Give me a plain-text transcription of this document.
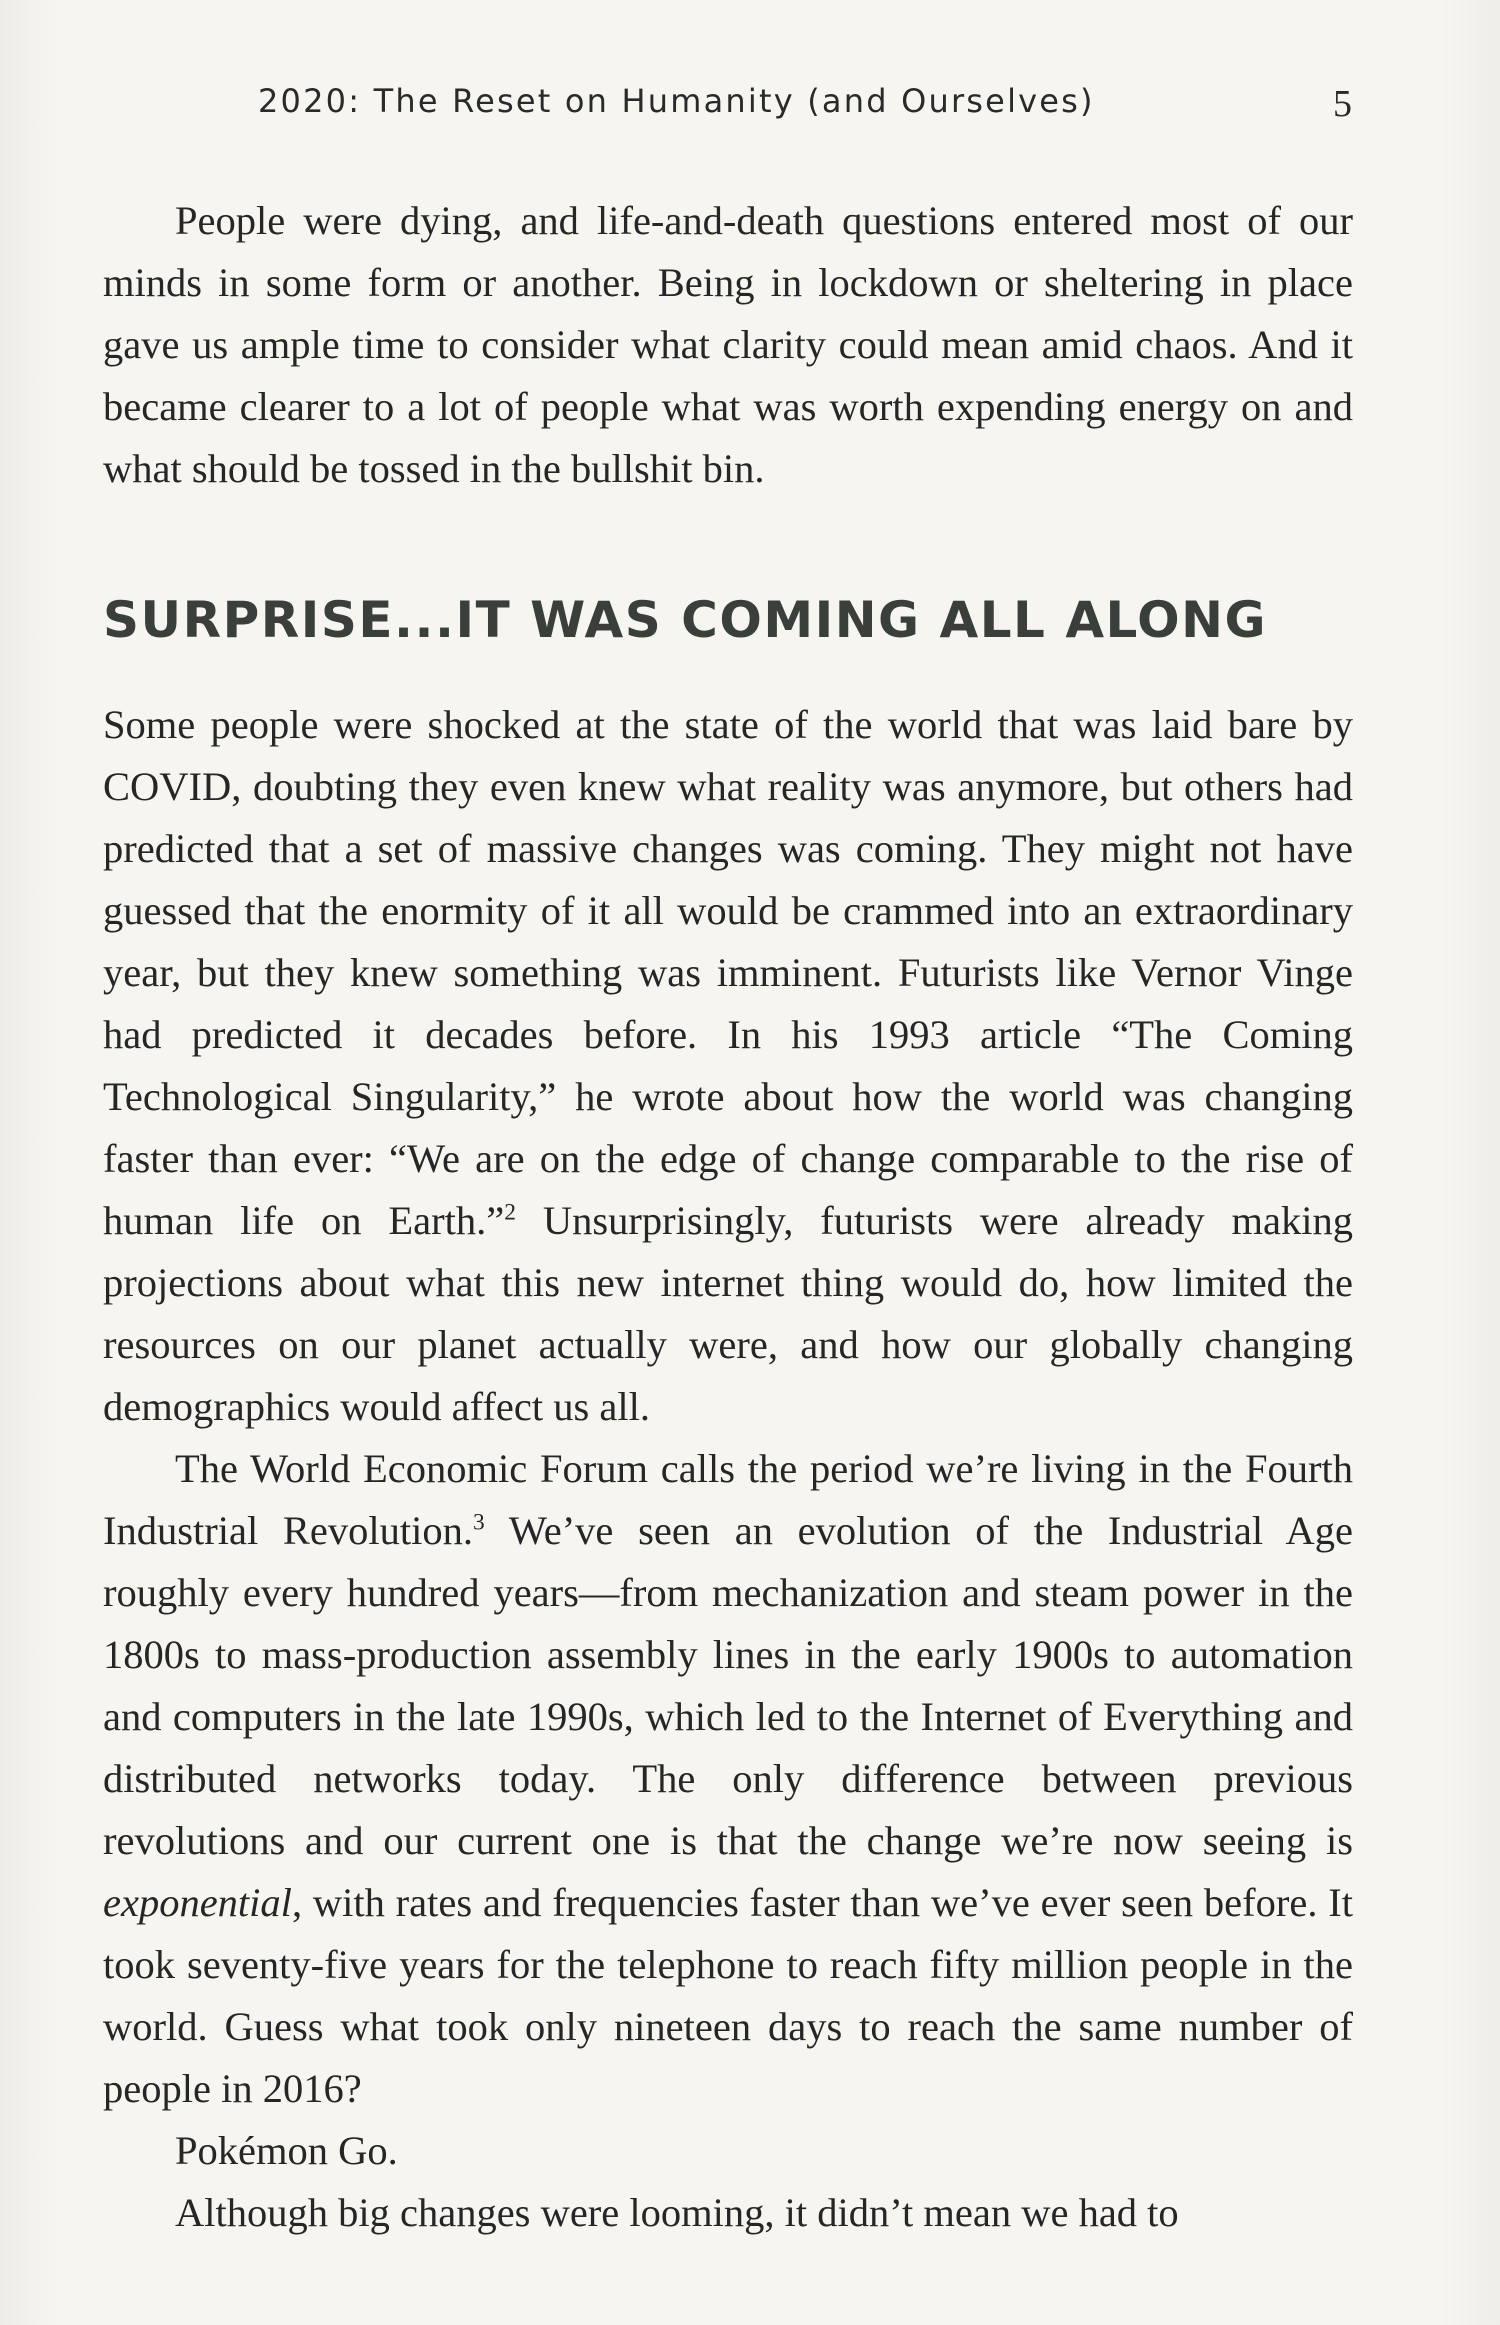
2020: The Reset on Humanity (and Ourselves)	5

People were dying, and life-and-death questions entered most of our minds in some form or another. Being in lockdown or sheltering in place gave us ample time to consider what clarity could mean amid chaos. And it became clearer to a lot of people what was worth expending energy on and what should be tossed in the bullshit bin.

SURPRISE...IT WAS COMING ALL ALONG

Some people were shocked at the state of the world that was laid bare by COVID, doubting they even knew what reality was anymore, but others had predicted that a set of massive changes was coming. They might not have guessed that the enormity of it all would be crammed into an extraordinary year, but they knew something was imminent. Futurists like Vernor Vinge had predicted it decades before. In his 1993 article “The Coming Technological Singularity,” he wrote about how the world was changing faster than ever: “We are on the edge of change comparable to the rise of human life on Earth.”$^2$ Unsurprisingly, futurists were already making projections about what this new internet thing would do, how limited the resources on our planet actually were, and how our globally changing demographics would affect us all.

The World Economic Forum calls the period we’re living in the Fourth Industrial Revolution.$^3$ We’ve seen an evolution of the Industrial Age roughly every hundred years—from mechanization and steam power in the 1800s to mass-production assembly lines in the early 1900s to automation and computers in the late 1990s, which led to the Internet of Everything and distributed networks today. The only difference between previous revolutions and our current one is that the change we’re now seeing is exponential, with rates and frequencies faster than we’ve ever seen before. It took seventy-five years for the telephone to reach fifty million people in the world. Guess what took only nineteen days to reach the same number of people in 2016?

Pokémon Go.

Although big changes were looming, it didn’t mean we had to
